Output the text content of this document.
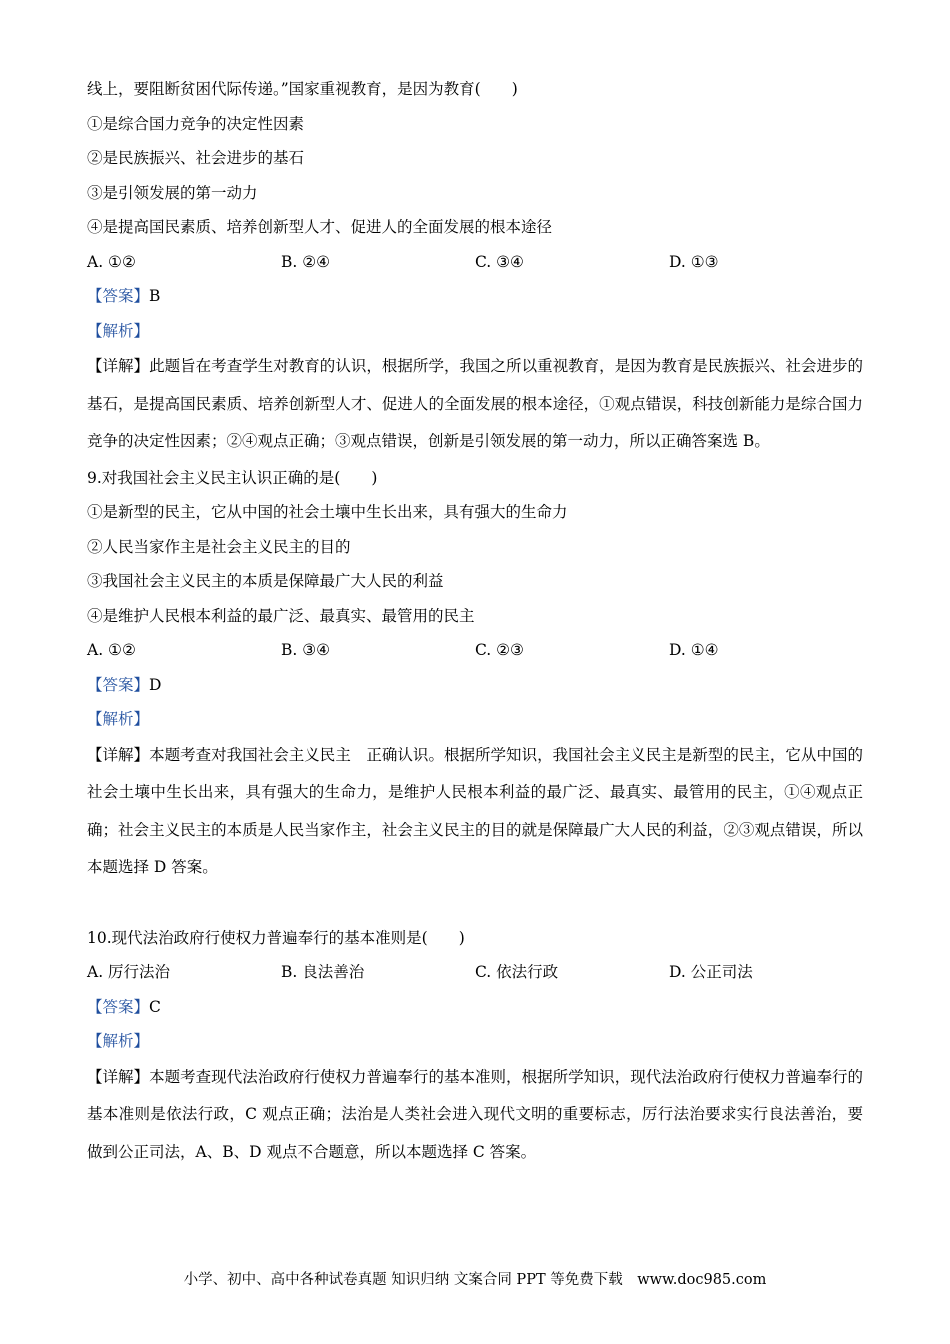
线上，要阻断贫困代际传递。”国家重视教育，是因为教育(　　)
①是综合国力竞争的决定性因素
②是民族振兴、社会进步的基石
③是引领发展的第一动力
④是提高国民素质、培养创新型人才、促进人的全面发展的根本途径
A. ①②	B. ②④	C. ③④	D. ①③
【答案】B
【解析】
【详解】此题旨在考查学生对教育的认识，根据所学，我国之所以重视教育，是因为教育是民族振兴、社会进步的基石，是提高国民素质、培养创新型人才、促进人的全面发展的根本途径，①观点错误，科技创新能力是综合国力竞争的决定性因素；②④观点正确；③观点错误，创新是引领发展的第一动力，所以正确答案选 B。
9.对我国社会主义民主认识正确的是(　　)
①是新型的民主，它从中国的社会土壤中生长出来，具有强大的生命力
②人民当家作主是社会主义民主的目的
③我国社会主义民主的本质是保障最广大人民的利益
④是维护人民根本利益的最广泛、最真实、最管用的民主
A. ①②	B. ③④	C. ②③	D. ①④
【答案】D
【解析】
【详解】本题考查对我国社会主义民主　正确认识。根据所学知识，我国社会主义民主是新型的民主，它从中国的社会土壤中生长出来，具有强大的生命力，是维护人民根本利益的最广泛、最真实、最管用的民主，①④观点正确；社会主义民主的本质是人民当家作主，社会主义民主的目的就是保障最广大人民的利益，②③观点错误，所以本题选择 D 答案。
10.现代法治政府行使权力普遍奉行的基本准则是(　　)
A. 厉行法治	B. 良法善治	C. 依法行政	D. 公正司法
【答案】C
【解析】
【详解】本题考查现代法治政府行使权力普遍奉行的基本准则，根据所学知识，现代法治政府行使权力普遍奉行的基本准则是依法行政，C 观点正确；法治是人类社会进入现代文明的重要标志，厉行法治要求实行良法善治，要做到公正司法，A、B、D 观点不合题意，所以本题选择 C 答案。
小学、初中、高中各种试卷真题 知识归纳 文案合同 PPT 等免费下载　www.doc985.com
